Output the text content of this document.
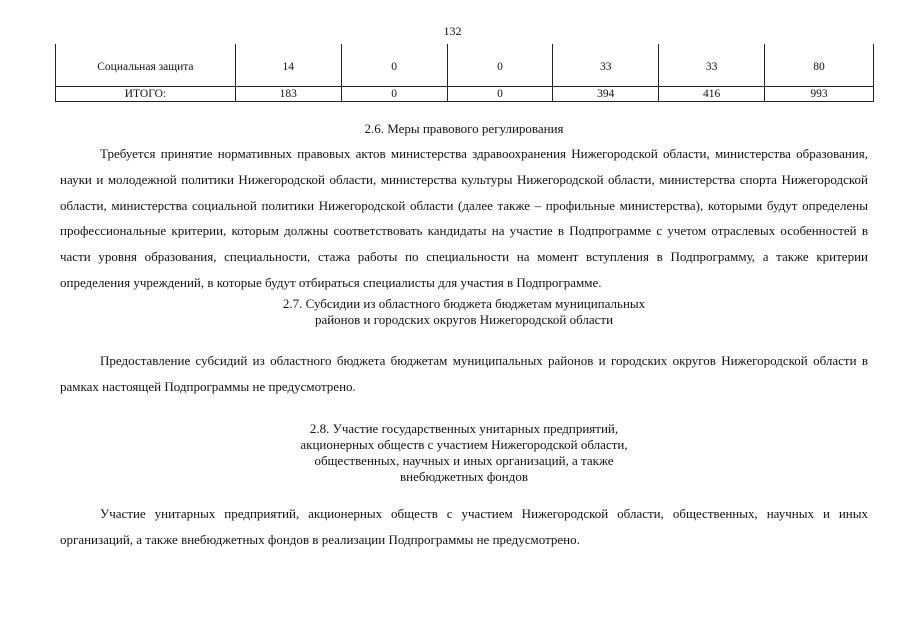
132
Социальная защита	14	0	0	33	33	80
ИТОГО:	183	0	0	394	416	993
2.6. Меры правового регулирования

Требуется принятие нормативных правовых актов министерства здравоохранения Нижегородской области, министерства образования, науки и молодежной политики Нижегородской области, министерства культуры Нижегородской области, министерства спорта Нижегородской области, министерства социальной политики Нижегородской области (далее также – профильные министерства), которыми будут определены профессиональные критерии, которым должны соответствовать кандидаты на участие в Подпрограмме с учетом отраслевых особенностей в части уровня образования, специальности, стажа работы по специальности на момент вступления в Подпрограмму, а также критерии определения учреждений, в которые будут отбираться специалисты для участия в Подпрограмме.

2.7. Субсидии из областного бюджета бюджетам муниципальных
районов и городских округов Нижегородской области

Предоставление субсидий из областного бюджета бюджетам муниципальных районов и городских округов Нижегородской области в рамках настоящей Подпрограммы не предусмотрено.

2.8. Участие государственных унитарных предприятий,
акционерных обществ с участием Нижегородской области,
общественных, научных и иных организаций, а также
внебюджетных фондов

Участие унитарных предприятий, акционерных обществ с участием Нижегородской области, общественных, научных и иных организаций, а также внебюджетных фондов в реализации Подпрограммы не предусмотрено.
